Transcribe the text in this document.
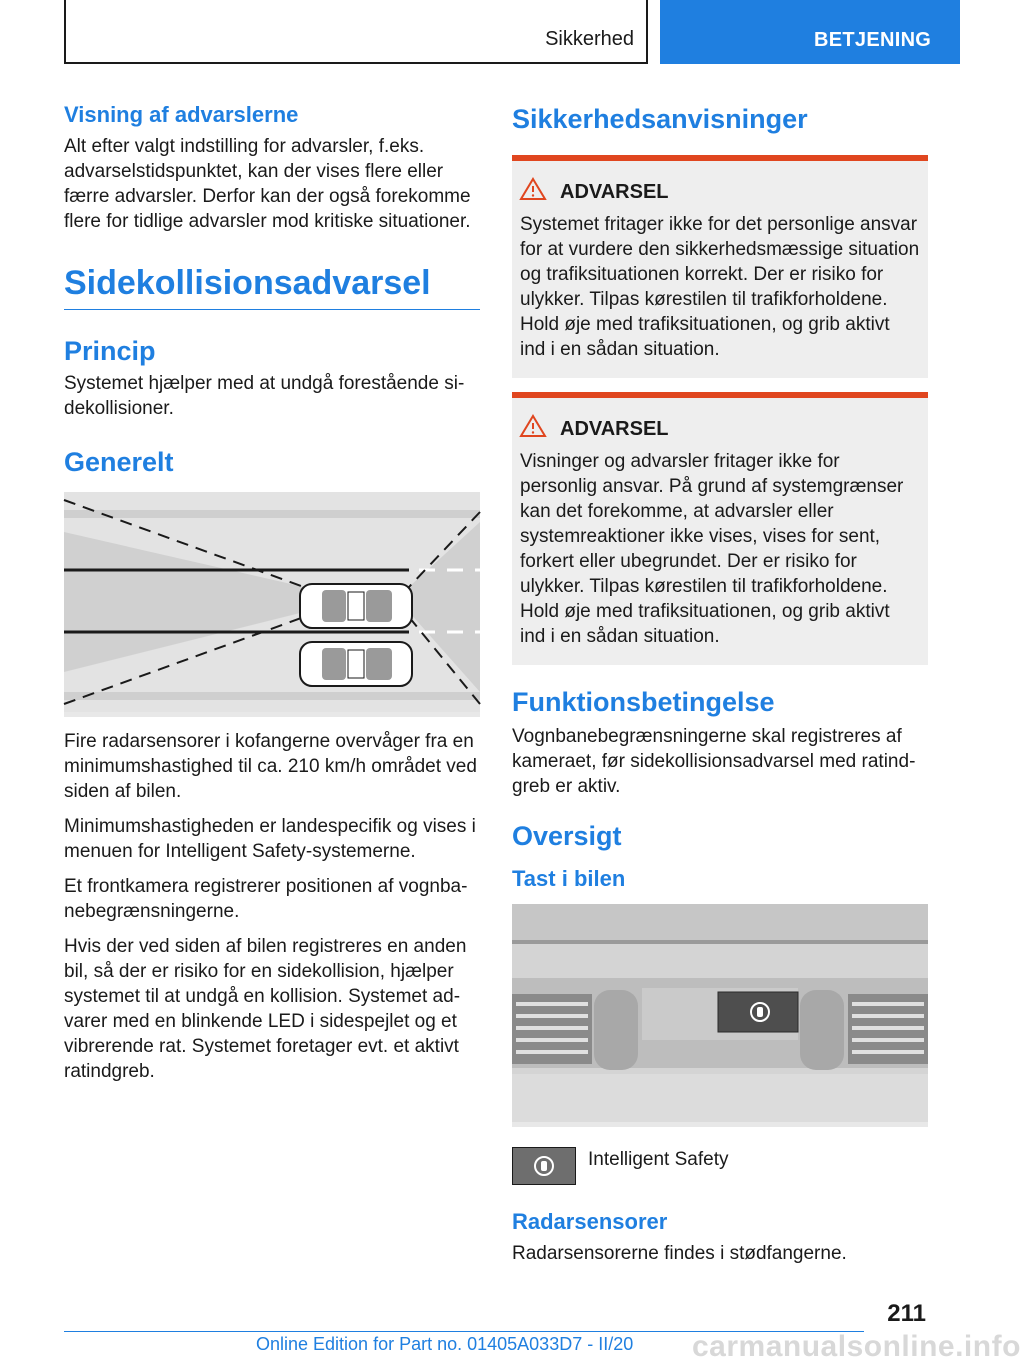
Sikkerhed	BETJENING
Visning af advarslerne

Alt efter valgt indstilling for advarsler, f.eks. advarselstidspunktet, kan der vises flere eller færre advarsler. Derfor kan der også forekomme flere for tidlige advarsler mod kritiske situationer.

Sidekollisionsadvarsel
Princip

Systemet hjælper med at undgå forestående sidekollisioner.

Generelt

Fire radarsensorer i kofangerne overvåger fra en minimumshastighed til ca. 210 km/h området ved siden af bilen.

Minimumshastigheden er landespecifik og vises i menuen for Intelligent Safety-systemerne.

Et frontkamera registrerer positionen af vognbanebegrænsningerne.

Hvis der ved siden af bilen registreres en anden bil, så der er risiko for en sidekollision, hjælper systemet til at undgå en kollision. Systemet advarer med en blinkende LED i sidespejlet og et vibrerende rat. Systemet foretager evt. et aktivt ratindgreb.

Sikkerhedsanvisninger
ADVARSEL

Systemet fritager ikke for det personlige ansvar for at vurdere den sikkerhedsmæssige situation og trafiksituationen korrekt. Der er risiko for ulykker. Tilpas kørestilen til trafikforholdene. Hold øje med trafiksituationen, og grib aktivt ind i en sådan situation.

ADVARSEL

Visninger og advarsler fritager ikke for personlig ansvar. På grund af systemgrænser kan det forekomme, at advarsler eller systemreaktioner ikke vises, vises for sent, forkert eller ubegrundet. Der er risiko for ulykker. Tilpas kørestilen til trafikforholdene. Hold øje med trafiksituationen, og grib aktivt ind i en sådan situation.

Funktionsbetingelse

Vognbanebegrænsningerne skal registreres af kameraet, før sidekollisionsadvarsel med ratindgreb er aktiv.

Oversigt
Tast i bilen

Intelligent Safety

Radarsensorer

Radarsensorerne findes i stødfangerne.

211
Online Edition for Part no. 01405A033D7 - II/20 carmanualsonline.info
